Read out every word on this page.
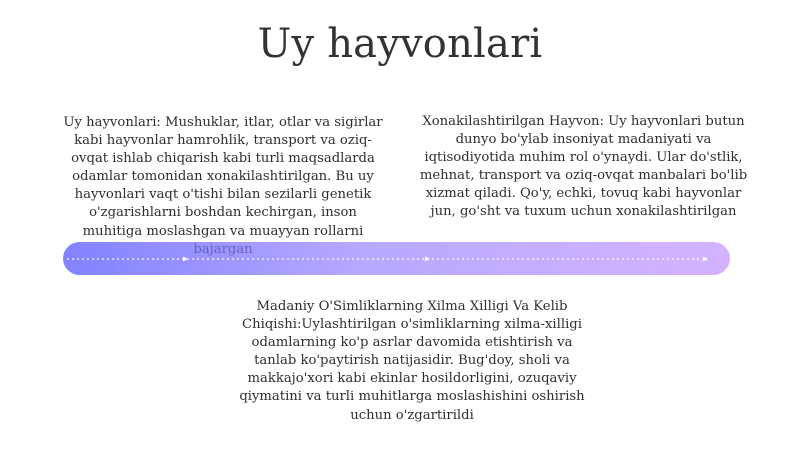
Uy hayvonlari

Uy hayvonlari: Mushuklar, itlar, otlar va sigirlar kabi hayvonlar hamrohlik, transport va oziq-ovqat ishlab chiqarish kabi turli maqsadlarda odamlar tomonidan xonakilashtirilgan. Bu uy hayvonlari vaqt o'tishi bilan sezilarli genetik o'zgarishlarni boshdan kechirgan, inson muhitiga moslashgan va muayyan rollarni

Xonakilashtirilgan Hayvon: Uy hayvonlari butun dunyo bo'ylab insoniyat madaniyati va iqtisodiyotida muhim rol o'ynaydi. Ular do'stlik, mehnat, transport va oziq-ovqat manbalari bo'lib xizmat qiladi. Qo'y, echki, tovuq kabi hayvonlar jun, go'sht va tuxum uchun xonakilashtirilgan

Madaniy O'Simliklarning Xilma Xilligi Va Kelib Chiqishi:Uylashtirilgan o'simliklarning xilma-xilligi odamlarning ko'p asrlar davomida etishtirish va tanlab ko'paytirish natijasidir. Bug'doy, sholi va makkajo'xori kabi ekinlar hosildorligini, ozuqaviy qiymatini va turli muhitlarga moslashishini oshirish uchun o'zgartirildi
